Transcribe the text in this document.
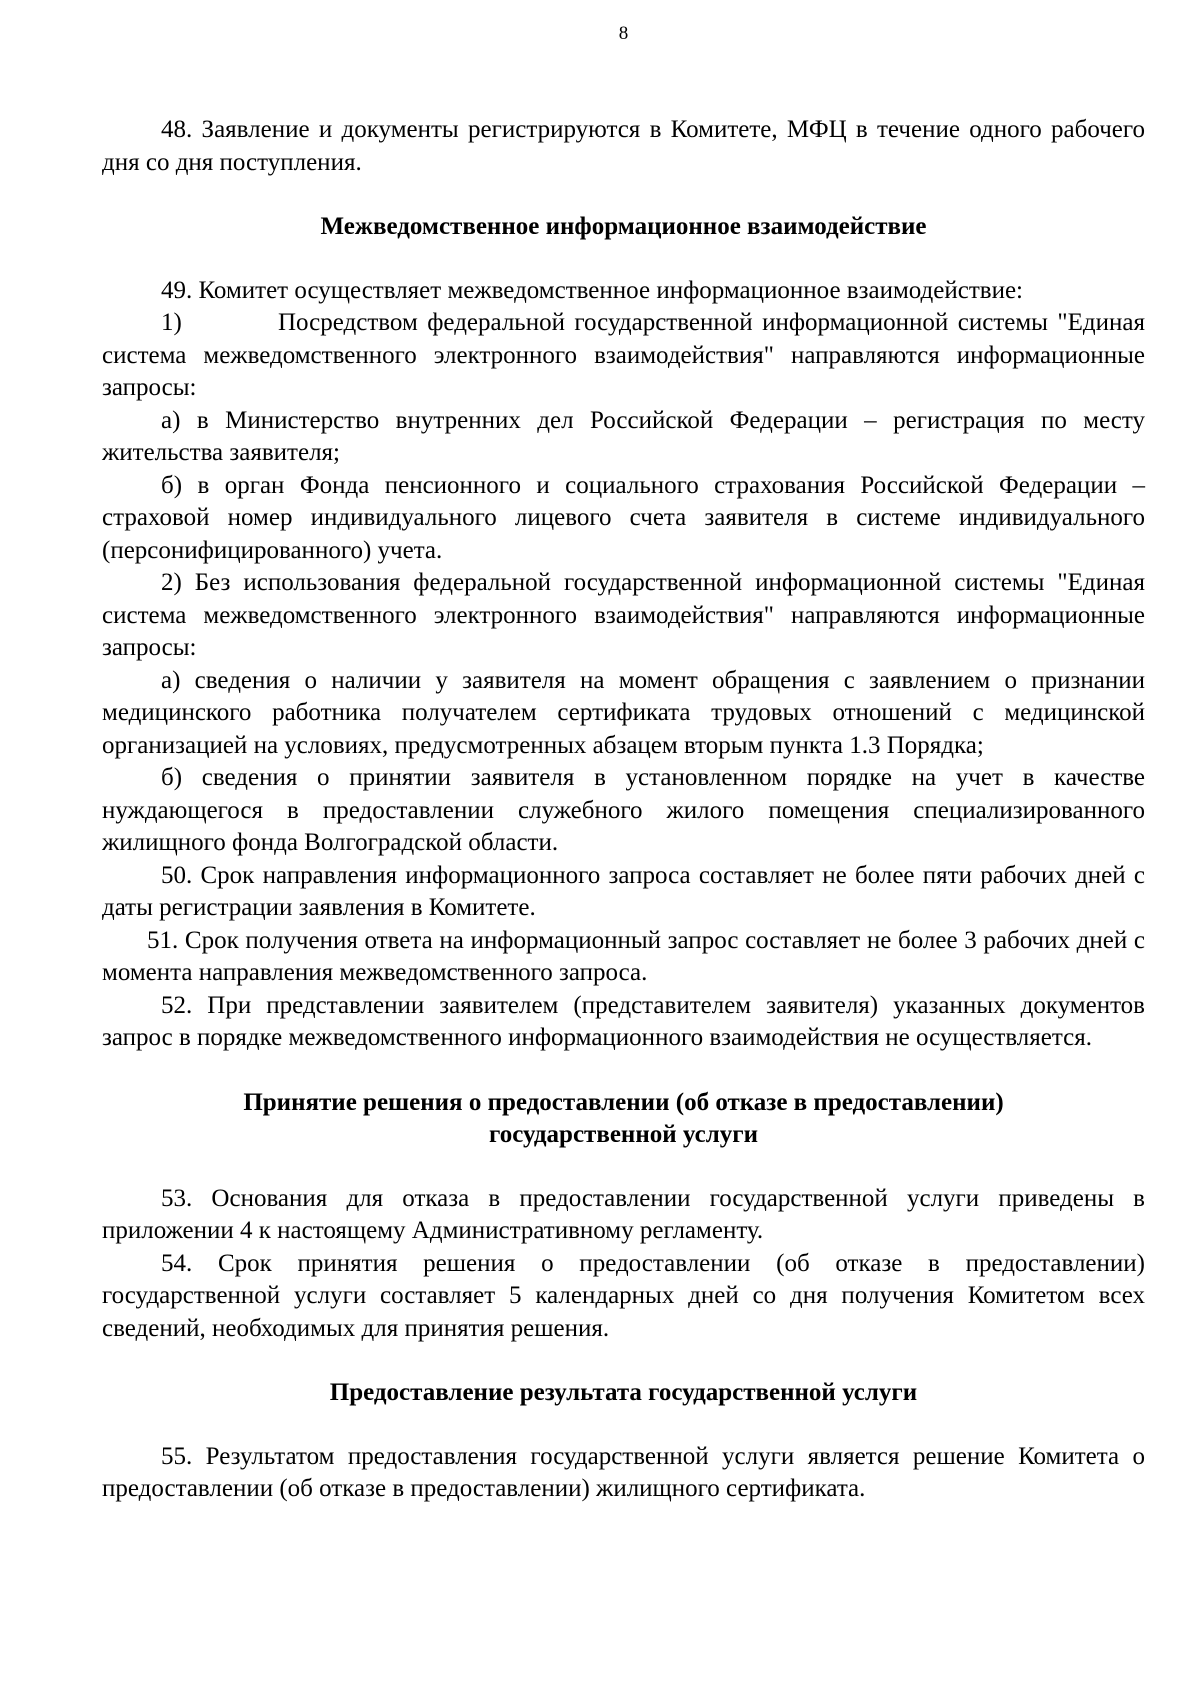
8

48. Заявление и документы регистрируются в Комитете, МФЦ в течение одного рабочего дня со дня поступления.

Межведомственное информационное взаимодействие

49. Комитет осуществляет межведомственное информационное взаимодействие:

1)	Посредством федеральной государственной информационной системы "Единая система межведомственного электронного взаимодействия" направляются информационные запросы:

а) в Министерство внутренних дел Российской Федерации – регистрация по месту жительства заявителя;

б) в орган Фонда пенсионного и социального страхования Российской Федерации – страховой номер индивидуального лицевого счета заявителя в системе индивидуального (персонифицированного) учета.

2) Без использования федеральной государственной информационной системы "Единая система межведомственного электронного взаимодействия" направляются информационные запросы:

а) сведения о наличии у заявителя на момент обращения с заявлением о признании медицинского работника получателем сертификата трудовых отношений с медицинской организацией на условиях, предусмотренных абзацем вторым пункта 1.3 Порядка;

б) сведения о принятии заявителя в установленном порядке на учет в качестве нуждающегося в предоставлении служебного жилого помещения специализированного жилищного фонда Волгоградской области.

50. Срок направления информационного запроса составляет не более пяти рабочих дней с даты регистрации заявления в Комитете.

51. Срок получения ответа на информационный запрос составляет не более 3 рабочих дней с момента направления межведомственного запроса.

52. При представлении заявителем (представителем заявителя) указанных документов запрос в порядке межведомственного информационного взаимодействия не осуществляется.

Принятие решения о предоставлении (об отказе в предоставлении)
государственной услуги

53. Основания для отказа в предоставлении государственной услуги приведены в приложении 4 к настоящему Административному регламенту.

54. Срок принятия решения о предоставлении (об отказе в предоставлении) государственной услуги составляет 5 календарных дней со дня получения Комитетом всех сведений, необходимых для принятия решения.

Предоставление результата государственной услуги

55. Результатом предоставления государственной услуги является решение Комитета о предоставлении (об отказе в предоставлении) жилищного сертификата.
